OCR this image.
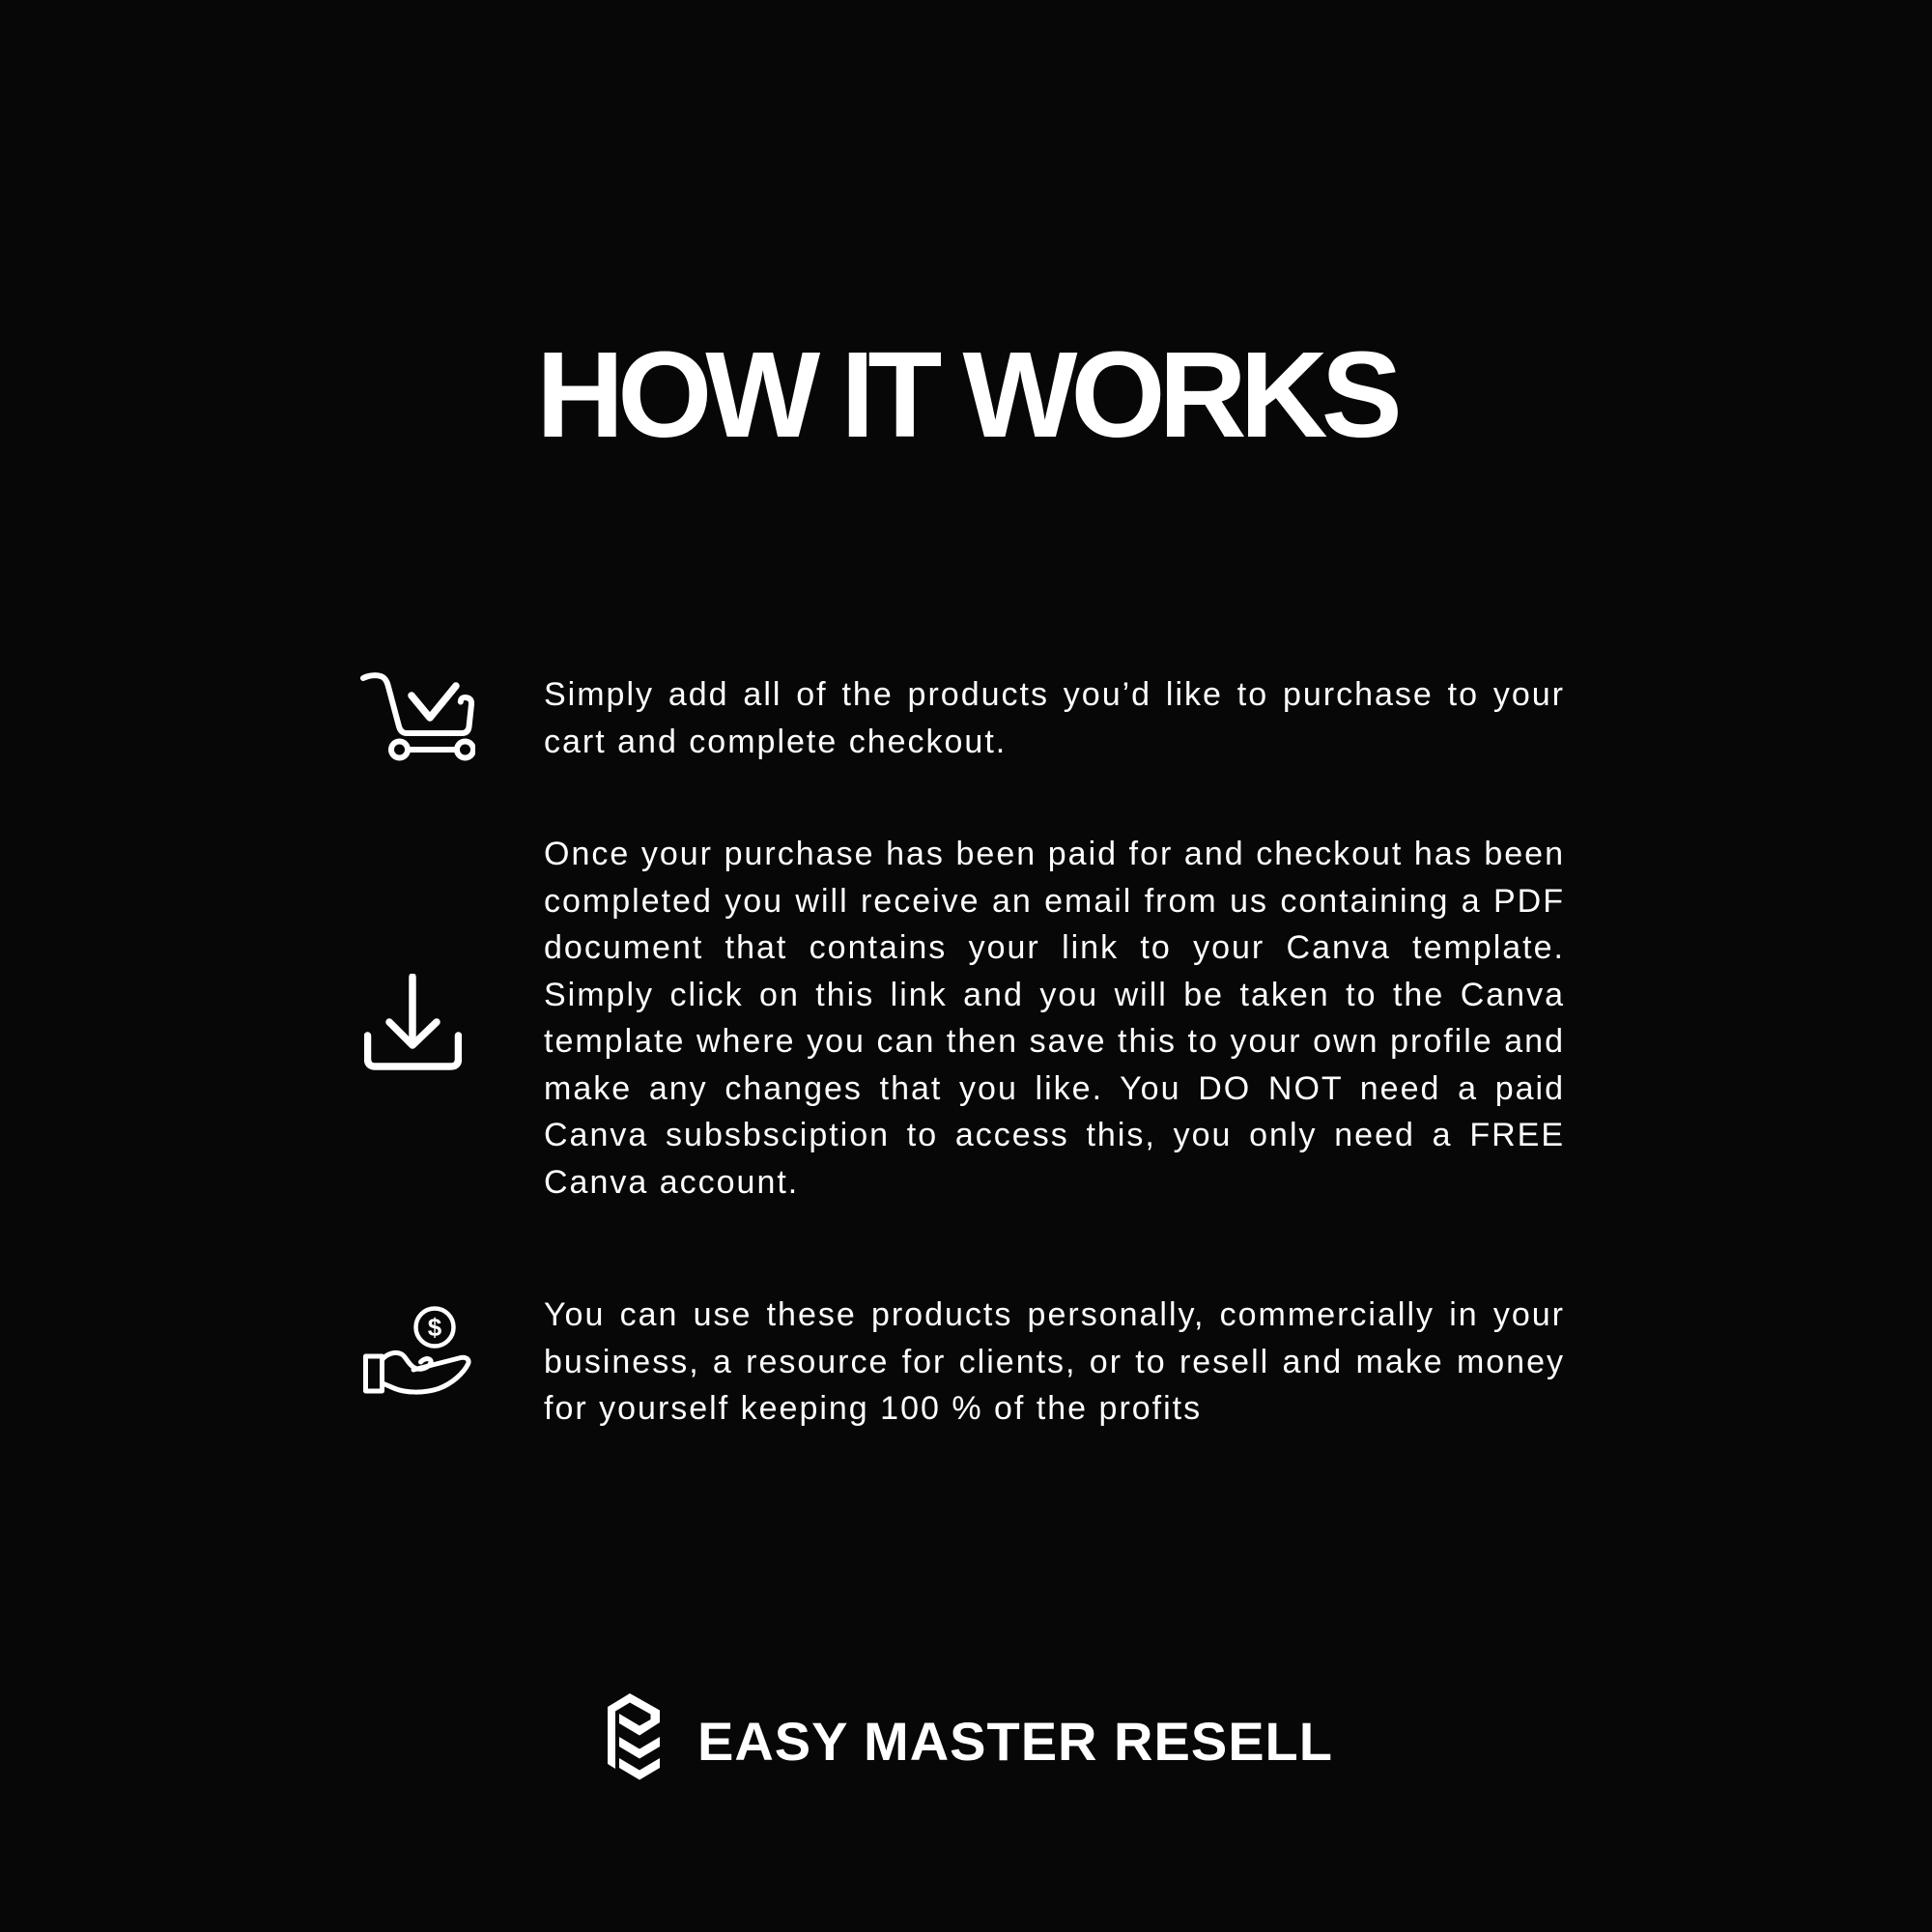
HOW IT WORKS
Simply add all of the products you’d like to purchase to your
cart and complete checkout.
Once your purchase has been paid for and checkout has been
completed you will receive an email from us containing a PDF
document that contains your link to your Canva template.
Simply click on this link and you will be taken to the Canva
template where you can then save this to your own profile and
make any changes that you like. You DO NOT need a paid
Canva subsbsciption to access this, you only need a FREE
Canva account.
$	You can use these products personally, commercially in your
business, a resource for clients, or to resell and make money
for yourself keeping 100 % of the profits
EASY MASTER RESELL
